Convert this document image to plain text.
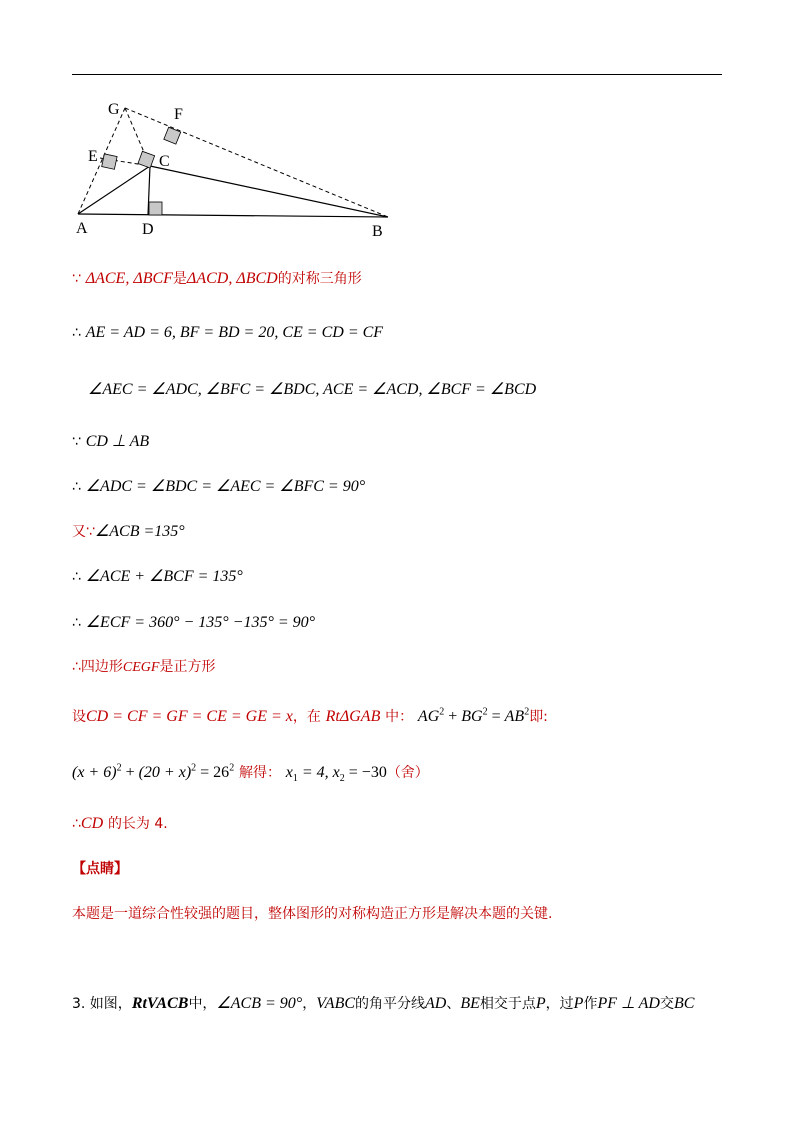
G	F
E	C
A	D	B
∵ ΔACE, ΔBCF是ΔACD, ΔBCD的对称三角形
∴ AE = AD = 6, BF = BD = 20, CE = CD = CF
∠AEC = ∠ADC, ∠BFC = ∠BDC, ACE = ∠ACD, ∠BCF = ∠BCD
∵ CD ⊥ AB
∴ ∠ADC = ∠BDC = ∠AEC = ∠BFC = 90°
又∵∠ACB =135°
∴ ∠ACE + ∠BCF = 135°
∴ ∠ECF = 360° − 135° −135° = 90°
∴四边形CEGF是正方形
设CD = CF = GF = CE = GE = x，在 RtΔGAB 中： $AG^2 + BG^2 = AB^2$即:
$(x + 6)^2 + (20 + x)^2 = 26^2$ 解得： $x_1 = 4$, $x_2 = -30$（舍）
∴CD 的长为 4.
【点睛】
本题是一道综合性较强的题目，整体图形的对称构造正方形是解决本题的关键.
3. 如图，RtVACB中，∠ACB = 90°，VABC的角平分线AD、BE相交于点P，过P作PF ⊥ AD交BC
